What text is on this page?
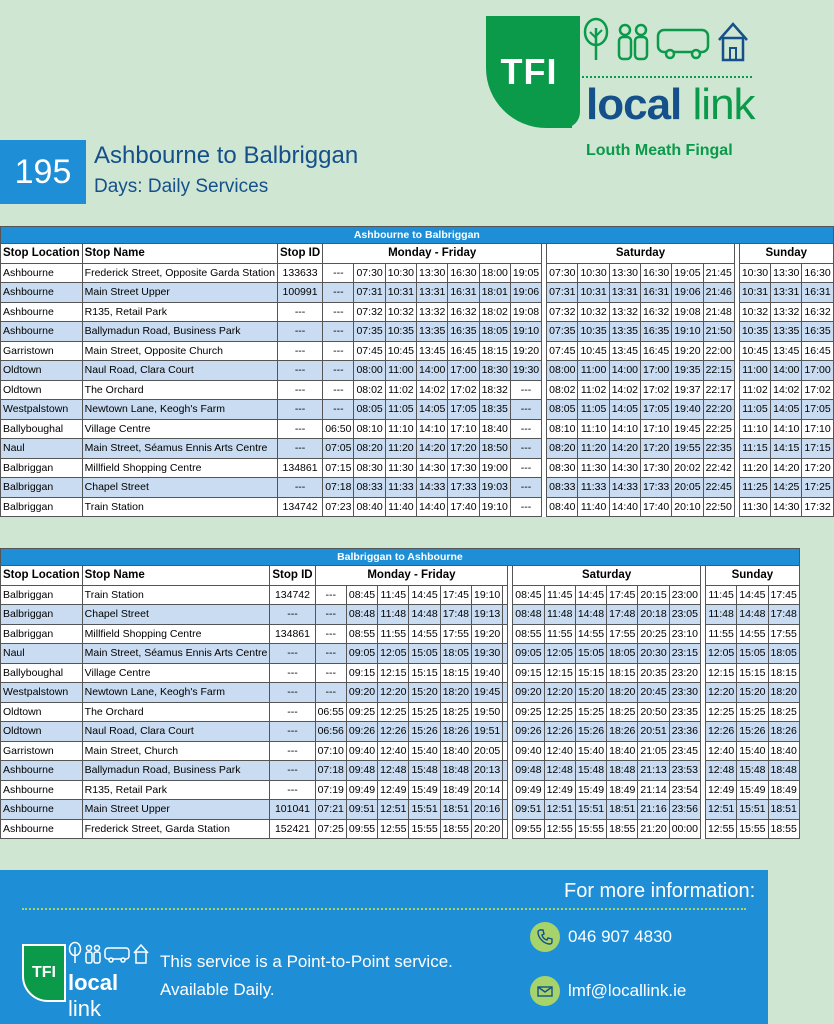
TFI
local link
Louth Meath Fingal
195 Ashbourne to Balbriggan
Days: Daily Services
Ashbourne to Balbriggan																				
Stop Location	Stop Name	Stop ID	Monday - Friday								Saturday							Sunday		
Ashbourne	Frederick Street, Opposite Garda Station	133633	---	07:30	10:30	13:30	16:30	18:00	19:05		07:30	10:30	13:30	16:30	19:05	21:45		10:30	13:30	16:30
Ashbourne	Main Street Upper	100991	---	07:31	10:31	13:31	16:31	18:01	19:06		07:31	10:31	13:31	16:31	19:06	21:46		10:31	13:31	16:31
Ashbourne	R135, Retail Park	---	---	07:32	10:32	13:32	16:32	18:02	19:08		07:32	10:32	13:32	16:32	19:08	21:48		10:32	13:32	16:32
Ashbourne	Ballymadun Road, Business Park	---	---	07:35	10:35	13:35	16:35	18:05	19:10		07:35	10:35	13:35	16:35	19:10	21:50		10:35	13:35	16:35
Garristown	Main Street, Opposite Church	---	---	07:45	10:45	13:45	16:45	18:15	19:20		07:45	10:45	13:45	16:45	19:20	22:00		10:45	13:45	16:45
Oldtown	Naul Road, Clara Court	---	---	08:00	11:00	14:00	17:00	18:30	19:30		08:00	11:00	14:00	17:00	19:35	22:15		11:00	14:00	17:00
Oldtown	The Orchard	---	---	08:02	11:02	14:02	17:02	18:32	---		08:02	11:02	14:02	17:02	19:37	22:17		11:02	14:02	17:02
Westpalstown	Newtown Lane, Keogh's Farm	---	---	08:05	11:05	14:05	17:05	18:35	---		08:05	11:05	14:05	17:05	19:40	22:20		11:05	14:05	17:05
Ballyboughal	Village Centre	---	06:50	08:10	11:10	14:10	17:10	18:40	---		08:10	11:10	14:10	17:10	19:45	22:25		11:10	14:10	17:10
Naul	Main Street, Séamus Ennis Arts Centre	---	07:05	08:20	11:20	14:20	17:20	18:50	---		08:20	11:20	14:20	17:20	19:55	22:35		11:15	14:15	17:15
Balbriggan	Millfield Shopping Centre	134861	07:15	08:30	11:30	14:30	17:30	19:00	---		08:30	11:30	14:30	17:30	20:02	22:42		11:20	14:20	17:20
Balbriggan	Chapel Street	---	07:18	08:33	11:33	14:33	17:33	19:03	---		08:33	11:33	14:33	17:33	20:05	22:45		11:25	14:25	17:25
Balbriggan	Train Station	134742	07:23	08:40	11:40	14:40	17:40	19:10	---		08:40	11:40	14:40	17:40	20:10	22:50		11:30	14:30	17:32
Balbriggan to Ashbourne																				
Stop Location	Stop Name	Stop ID	Monday - Friday								Saturday							Sunday		
Balbriggan	Train Station	134742	---	08:45	11:45	14:45	17:45	19:10			08:45	11:45	14:45	17:45	20:15	23:00		11:45	14:45	17:45
Balbriggan	Chapel Street	---	---	08:48	11:48	14:48	17:48	19:13			08:48	11:48	14:48	17:48	20:18	23:05		11:48	14:48	17:48
Balbriggan	Millfield Shopping Centre	134861	---	08:55	11:55	14:55	17:55	19:20			08:55	11:55	14:55	17:55	20:25	23:10		11:55	14:55	17:55
Naul	Main Street, Séamus Ennis Arts Centre	---	---	09:05	12:05	15:05	18:05	19:30			09:05	12:05	15:05	18:05	20:30	23:15		12:05	15:05	18:05
Ballyboughal	Village Centre	---	---	09:15	12:15	15:15	18:15	19:40			09:15	12:15	15:15	18:15	20:35	23:20		12:15	15:15	18:15
Westpalstown	Newtown Lane, Keogh's Farm	---	---	09:20	12:20	15:20	18:20	19:45			09:20	12:20	15:20	18:20	20:45	23:30		12:20	15:20	18:20
Oldtown	The Orchard	---	06:55	09:25	12:25	15:25	18:25	19:50			09:25	12:25	15:25	18:25	20:50	23:35		12:25	15:25	18:25
Oldtown	Naul Road, Clara Court	---	06:56	09:26	12:26	15:26	18:26	19:51			09:26	12:26	15:26	18:26	20:51	23:36		12:26	15:26	18:26
Garristown	Main Street, Church	---	07:10	09:40	12:40	15:40	18:40	20:05			09:40	12:40	15:40	18:40	21:05	23:45		12:40	15:40	18:40
Ashbourne	Ballymadun Road, Business Park	---	07:18	09:48	12:48	15:48	18:48	20:13			09:48	12:48	15:48	18:48	21:13	23:53		12:48	15:48	18:48
Ashbourne	R135, Retail Park	---	07:19	09:49	12:49	15:49	18:49	20:14			09:49	12:49	15:49	18:49	21:14	23:54		12:49	15:49	18:49
Ashbourne	Main Street Upper	101041	07:21	09:51	12:51	15:51	18:51	20:16			09:51	12:51	15:51	18:51	21:16	23:56		12:51	15:51	18:51
Ashbourne	Frederick Street, Garda Station	152421	07:25	09:55	12:55	15:55	18:55	20:20			09:55	12:55	15:55	18:55	21:20	00:00		12:55	15:55	18:55
For more information:
TFI local link
This service is a Point-to-Point service.
Available Daily.
046 907 4830
lmf@locallink.ie
